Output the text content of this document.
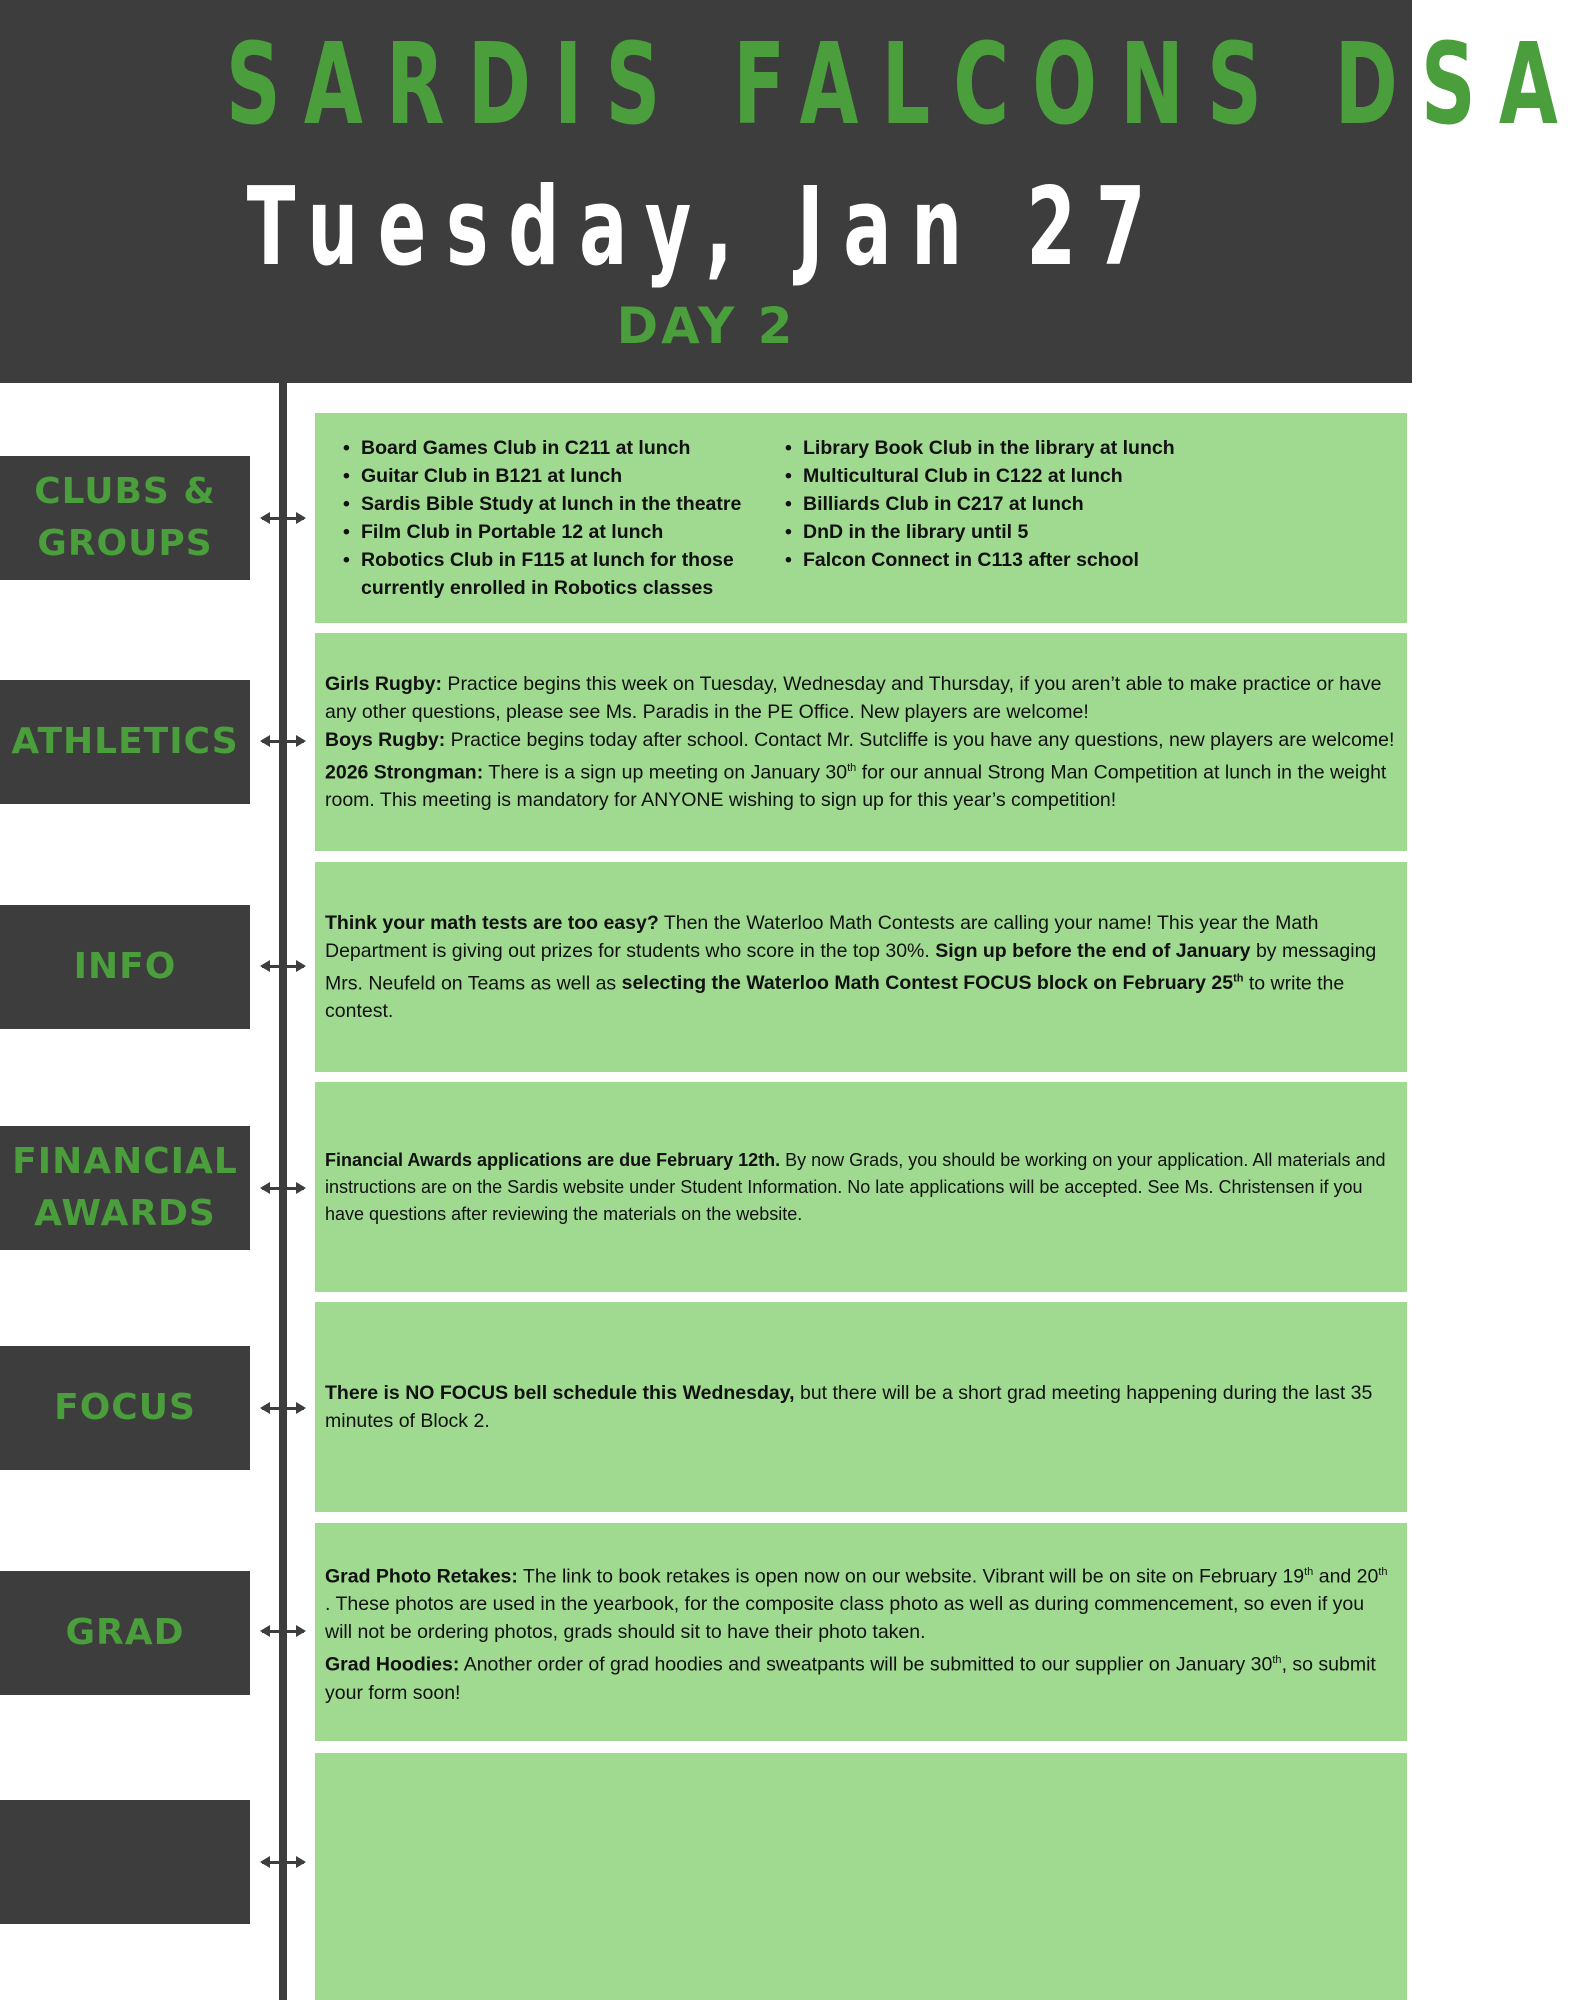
SARDIS FALCONS DSA
Tuesday, Jan 27
DAY 2
CLUBS &
GROUPS
• Board Games Club in C211 at lunch
• Guitar Club in B121 at lunch
• Sardis Bible Study at lunch in the theatre
• Film Club in Portable 12 at lunch
• Robotics Club in F115 at lunch for those currently enrolled in Robotics classes
• Library Book Club in the library at lunch
• Multicultural Club in C122 at lunch
• Billiards Club in C217 at lunch
• DnD in the library until 5
• Falcon Connect in C113 after school
ATHLETICS

Girls Rugby: Practice begins this week on Tuesday, Wednesday and Thursday, if you aren’t able to make practice or have any other questions, please see Ms. Paradis in the PE Office. New players are welcome!

Boys Rugby: Practice begins today after school. Contact Mr. Sutcliffe is you have any questions, new players are welcome!

2026 Strongman: There is a sign up meeting on January 30th for our annual Strong Man Competition at lunch in the weight room. This meeting is mandatory for ANYONE wishing to sign up for this year’s competition!

INFO

Think your math tests are too easy? Then the Waterloo Math Contests are calling your name! This year the Math Department is giving out prizes for students who score in the top 30%. Sign up before the end of January by messaging Mrs. Neufeld on Teams as well as selecting the Waterloo Math Contest FOCUS block on February 25th to write the contest.

FINANCIAL
AWARDS

Financial Awards applications are due February 12th. By now Grads, you should be working on your application. All materials and instructions are on the Sardis website under Student Information. No late applications will be accepted. See Ms. Christensen if you have questions after reviewing the materials on the website.

FOCUS	There is NO FOCUS bell schedule this Wednesday, but there will be a short grad meeting happening during the last 35 minutes of Block 2.

GRAD

Grad Photo Retakes: The link to book retakes is open now on our website. Vibrant will be on site on February 19th and 20th . These photos are used in the yearbook, for the composite class photo as well as during commencement, so even if you will not be ordering photos, grads should sit to have their photo taken.

Grad Hoodies: Another order of grad hoodies and sweatpants will be submitted to our supplier on January 30th, so submit your form soon!
